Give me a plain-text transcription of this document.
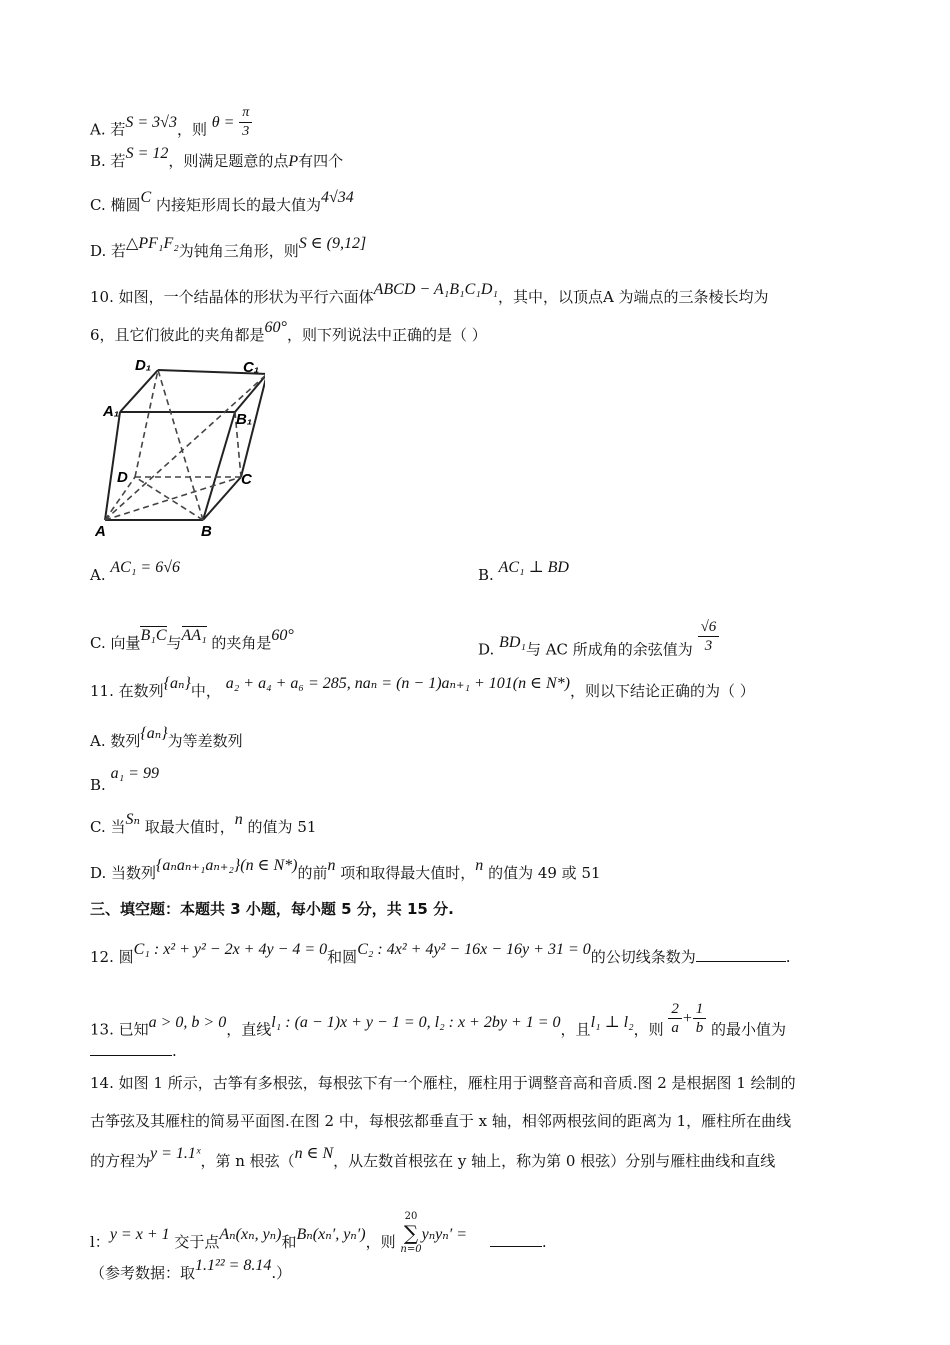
A. 若S = 3√3，则 $\theta = \frac{\pi}{3}$
B. 若S = 12，则满足题意的点P有四个
C. 椭圆C 内接矩形周长的最大值为4√34
D. 若△PF₁F₂为钝角三角形，则S ∈ (9,12]
10. 如图，一个结晶体的形状为平行六面体ABCD − A₁B₁C₁D₁，其中，以顶点A 为端点的三条棱长均为
6，且它们彼此的夹角都是60°，则下列说法中正确的是（ ）
A	B
C
D
A₁	B₁
C₁
D₁
A. AC₁ = 6√6	B. AC₁ ⊥ BD
C. 向量B₁C与AA₁ 的夹角是60°
D. BD₁与 AC 所成角的余弦值为 $\frac{√6}{3}$
11. 在数列{aₙ}中， a₂ + a₄ + a₆ = 285, naₙ = (n − 1)aₙ₊₁ + 101(n ∈ N*)，则以下结论正确的为（ ）
A. 数列{aₙ}为等差数列
B. a₁ = 99
C. 当Sₙ 取最大值时，n 的值为 51
D. 当数列{aₙaₙ₊₁aₙ₊₂}(n ∈ N*)的前n 项和取得最大值时，n 的值为 49 或 51
三、填空题：本题共 3 小题，每小题 5 分，共 15 分.
12. 圆C₁ : x² + y² − 2x + 4y − 4 = 0和圆C₂ : 4x² + 4y² − 16x − 16y + 31 = 0的公切线条数为	.
13. 已知a > 0, b > 0，直线l₁ : (a − 1)x + y − 1 = 0, l₂ : x + 2by + 1 = 0，且l₁ ⊥ l₂，则 $\frac{2}{a} + \frac{1}{b}$ 的最小值为
.
14. 如图 1 所示，古筝有多根弦，每根弦下有一个雁柱，雁柱用于调整音高和音质.图 2 是根据图 1 绘制的
古筝弦及其雁柱的简易平面图.在图 2 中，每根弦都垂直于 x 轴，相邻两根弦间的距离为 1，雁柱所在曲线
的方程为y = 1.1ˣ，第 n 根弦（n ∈ N，从左数首根弦在 y 轴上，称为第 0 根弦）分别与雁柱曲线和直线
l：y = x + 1 交于点Aₙ(xₙ, yₙ)和Bₙ(xₙ′, yₙ′)，则
20
∑
n=0
yₙyₙ′ =	.
（参考数据：取1.1²² = 8.14.）
